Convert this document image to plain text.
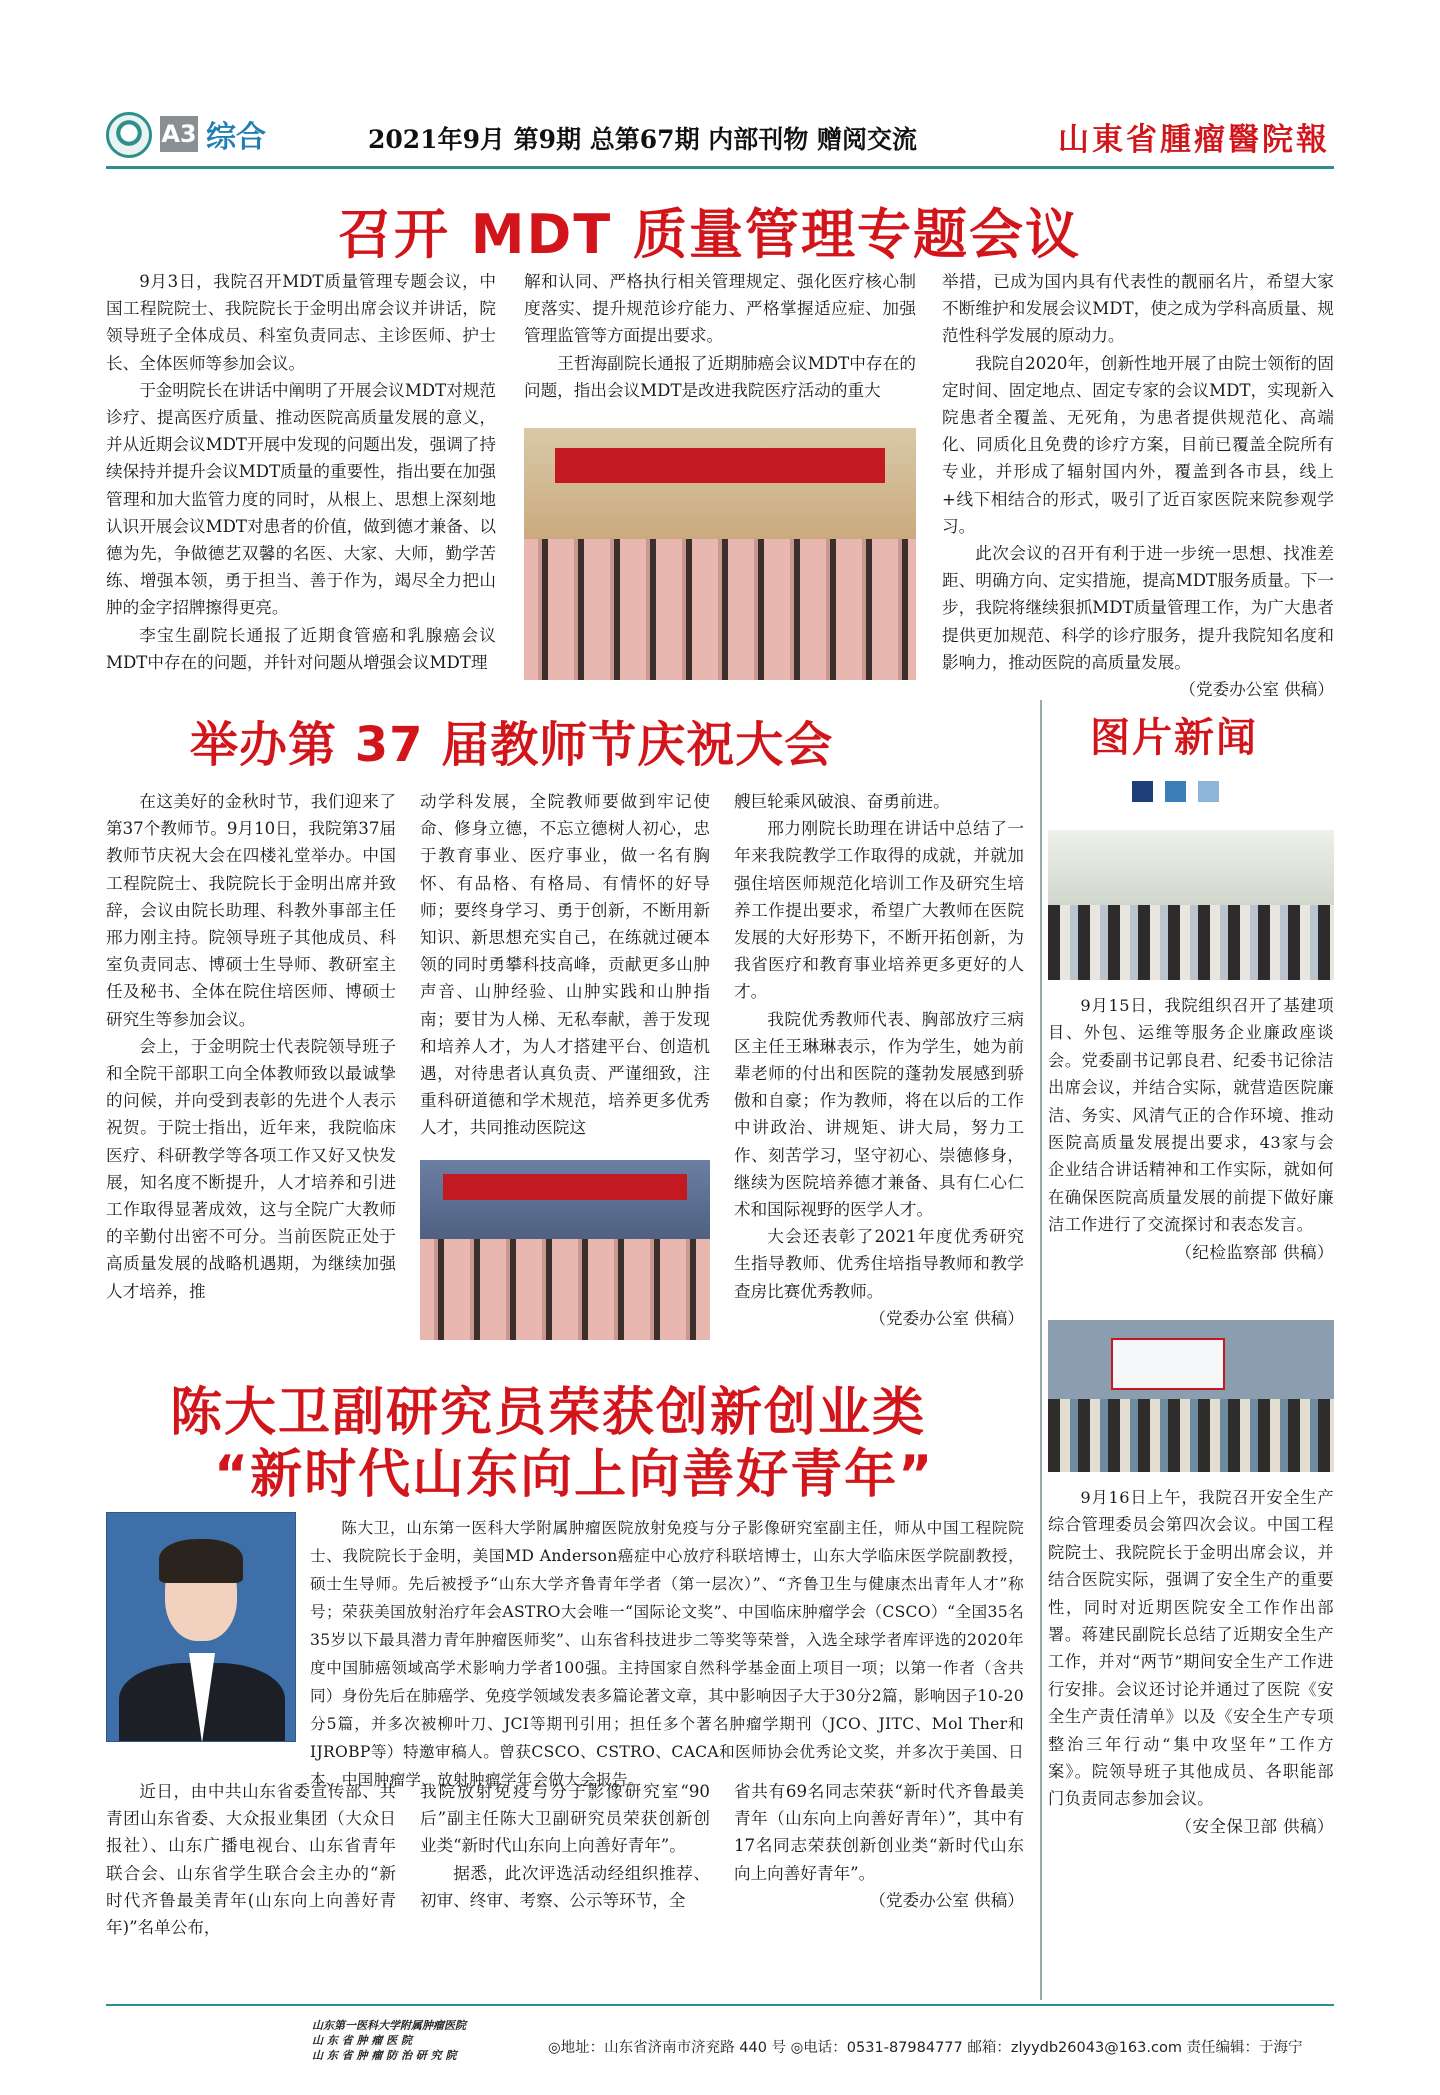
A3 综合	2021年9月 第9期 总第67期 内部刊物 赠阅交流	山東省腫瘤醫院報
召开 MDT 质量管理专题会议

9月3日，我院召开MDT质量管理专题会议，中国工程院院士、我院院长于金明出席会议并讲话，院领导班子全体成员、科室负责同志、主诊医师、护士长、全体医师等参加会议。

于金明院长在讲话中阐明了开展会议MDT对规范诊疗、提高医疗质量、推动医院高质量发展的意义，并从近期会议MDT开展中发现的问题出发，强调了持续保持并提升会议MDT质量的重要性，指出要在加强管理和加大监管力度的同时，从根上、思想上深刻地认识开展会议MDT对患者的价值，做到德才兼备、以德为先，争做德艺双馨的名医、大家、大师，勤学苦练、增强本领，勇于担当、善于作为，竭尽全力把山肿的金字招牌擦得更亮。

李宝生副院长通报了近期食管癌和乳腺癌会议MDT中存在的问题，并针对问题从增强会议MDT理

解和认同、严格执行相关管理规定、强化医疗核心制度落实、提升规范诊疗能力、严格掌握适应症、加强管理监管等方面提出要求。

王哲海副院长通报了近期肺癌会议MDT中存在的问题，指出会议MDT是改进我院医疗活动的重大

举措，已成为国内具有代表性的靓丽名片，希望大家不断维护和发展会议MDT，使之成为学科高质量、规范性科学发展的原动力。

我院自2020年，创新性地开展了由院士领衔的固定时间、固定地点、固定专家的会议MDT，实现新入院患者全覆盖、无死角，为患者提供规范化、高端化、同质化且免费的诊疗方案，目前已覆盖全院所有专业，并形成了辐射国内外，覆盖到各市县，线上+线下相结合的形式，吸引了近百家医院来院参观学习。

此次会议的召开有利于进一步统一思想、找准差距、明确方向、定实措施，提高MDT服务质量。下一步，我院将继续狠抓MDT质量管理工作，为广大患者提供更加规范、科学的诊疗服务，提升我院知名度和影响力，推动医院的高质量发展。

（党委办公室 供稿）
举办第 37 届教师节庆祝大会

在这美好的金秋时节，我们迎来了第37个教师节。9月10日，我院第37届教师节庆祝大会在四楼礼堂举办。中国工程院院士、我院院长于金明出席并致辞，会议由院长助理、科教外事部主任邢力刚主持。院领导班子其他成员、科室负责同志、博硕士生导师、教研室主任及秘书、全体在院住培医师、博硕士研究生等参加会议。

会上，于金明院士代表院领导班子和全院干部职工向全体教师致以最诚挚的问候，并向受到表彰的先进个人表示祝贺。于院士指出，近年来，我院临床医疗、科研教学等各项工作又好又快发展，知名度不断提升，人才培养和引进工作取得显著成效，这与全院广大教师的辛勤付出密不可分。当前医院正处于高质量发展的战略机遇期，为继续加强人才培养，推

动学科发展，全院教师要做到牢记使命、修身立德，不忘立德树人初心，忠于教育事业、医疗事业，做一名有胸怀、有品格、有格局、有情怀的好导师；要终身学习、勇于创新，不断用新知识、新思想充实自己，在练就过硬本领的同时勇攀科技高峰，贡献更多山肿声音、山肿经验、山肿实践和山肿指南；要甘为人梯、无私奉献，善于发现和培养人才，为人才搭建平台、创造机遇，对待患者认真负责、严谨细致，注重科研道德和学术规范，培养更多优秀人才，共同推动医院这

艘巨轮乘风破浪、奋勇前进。

邢力刚院长助理在讲话中总结了一年来我院教学工作取得的成就，并就加强住培医师规范化培训工作及研究生培养工作提出要求，希望广大教师在医院发展的大好形势下，不断开拓创新，为我省医疗和教育事业培养更多更好的人才。

我院优秀教师代表、胸部放疗三病区主任王琳琳表示，作为学生，她为前辈老师的付出和医院的蓬勃发展感到骄傲和自豪；作为教师，将在以后的工作中讲政治、讲规矩、讲大局，努力工作、刻苦学习，坚守初心、崇德修身，继续为医院培养德才兼备、具有仁心仁术和国际视野的医学人才。

大会还表彰了2021年度优秀研究生指导教师、优秀住培指导教师和教学查房比赛优秀教师。

（党委办公室 供稿）
图片新闻

9月15日，我院组织召开了基建项目、外包、运维等服务企业廉政座谈会。党委副书记郭良君、纪委书记徐洁出席会议，并结合实际，就营造医院廉洁、务实、风清气正的合作环境、推动医院高质量发展提出要求，43家与会企业结合讲话精神和工作实际，就如何在确保医院高质量发展的前提下做好廉洁工作进行了交流探讨和表态发言。

（纪检监察部 供稿）

9月16日上午，我院召开安全生产综合管理委员会第四次会议。中国工程院院士、我院院长于金明出席会议，并结合医院实际，强调了安全生产的重要性，同时对近期医院安全工作作出部署。蒋建民副院长总结了近期安全生产工作，并对“两节”期间安全生产工作进行安排。会议还讨论并通过了医院《安全生产责任清单》以及《安全生产专项整治三年行动“集中攻坚年”工作方案》。院领导班子其他成员、各职能部门负责同志参加会议。

（安全保卫部 供稿）
陈大卫副研究员荣获创新创业类
“新时代山东向上向善好青年”
陈大卫，山东第一医科大学附属肿瘤医院放射免疫与分子影像研究室副主任，师从中国工程院院士、我院院长于金明，美国MD Anderson癌症中心放疗科联培博士，山东大学临床医学院副教授，硕士生导师。先后被授予“山东大学齐鲁青年学者（第一层次）”、“齐鲁卫生与健康杰出青年人才”称号；荣获美国放射治疗年会ASTRO大会唯一“国际论文奖”、中国临床肿瘤学会（CSCO）“全国35名35岁以下最具潜力青年肿瘤医师奖”、山东省科技进步二等奖等荣誉，入选全球学者库评选的2020年度中国肺癌领域高学术影响力学者100强。主持国家自然科学基金面上项目一项；以第一作者（含共同）身份先后在肺癌学、免疫学领域发表多篇论著文章，其中影响因子大于30分2篇，影响因子10-20分5篇，并多次被柳叶刀、JCI等期刊引用；担任多个著名肿瘤学期刊（JCO、JITC、Mol Ther和IJROBP等）特邀审稿人。曾获CSCO、CSTRO、CACA和医师协会优秀论文奖，并多次于美国、日本、中国肿瘤学、放射肿瘤学年会做大会报告。

近日，由中共山东省委宣传部、共青团山东省委、大众报业集团（大众日报社）、山东广播电视台、山东省青年联合会、山东省学生联合会主办的“新时代齐鲁最美青年(山东向上向善好青年)”名单公布，

我院放射免疫与分子影像研究室“90后”副主任陈大卫副研究员荣获创新创业类“新时代山东向上向善好青年”。

据悉，此次评选活动经组织推荐、初审、终审、考察、公示等环节，全

省共有69名同志荣获“新时代齐鲁最美青年（山东向上向善好青年）”，其中有17名同志荣获创新创业类“新时代山东向上向善好青年”。

（党委办公室 供稿）
山东第一医科大学附属肿瘤医院
山 东 省 肿 瘤 医 院
山 东 省 肿 瘤 防 治 研 究 院	◎地址：山东省济南市济兖路 440 号 ◎电话：0531-87984777 邮箱：zlyydb26043@163.com 责任编辑：于海宁
